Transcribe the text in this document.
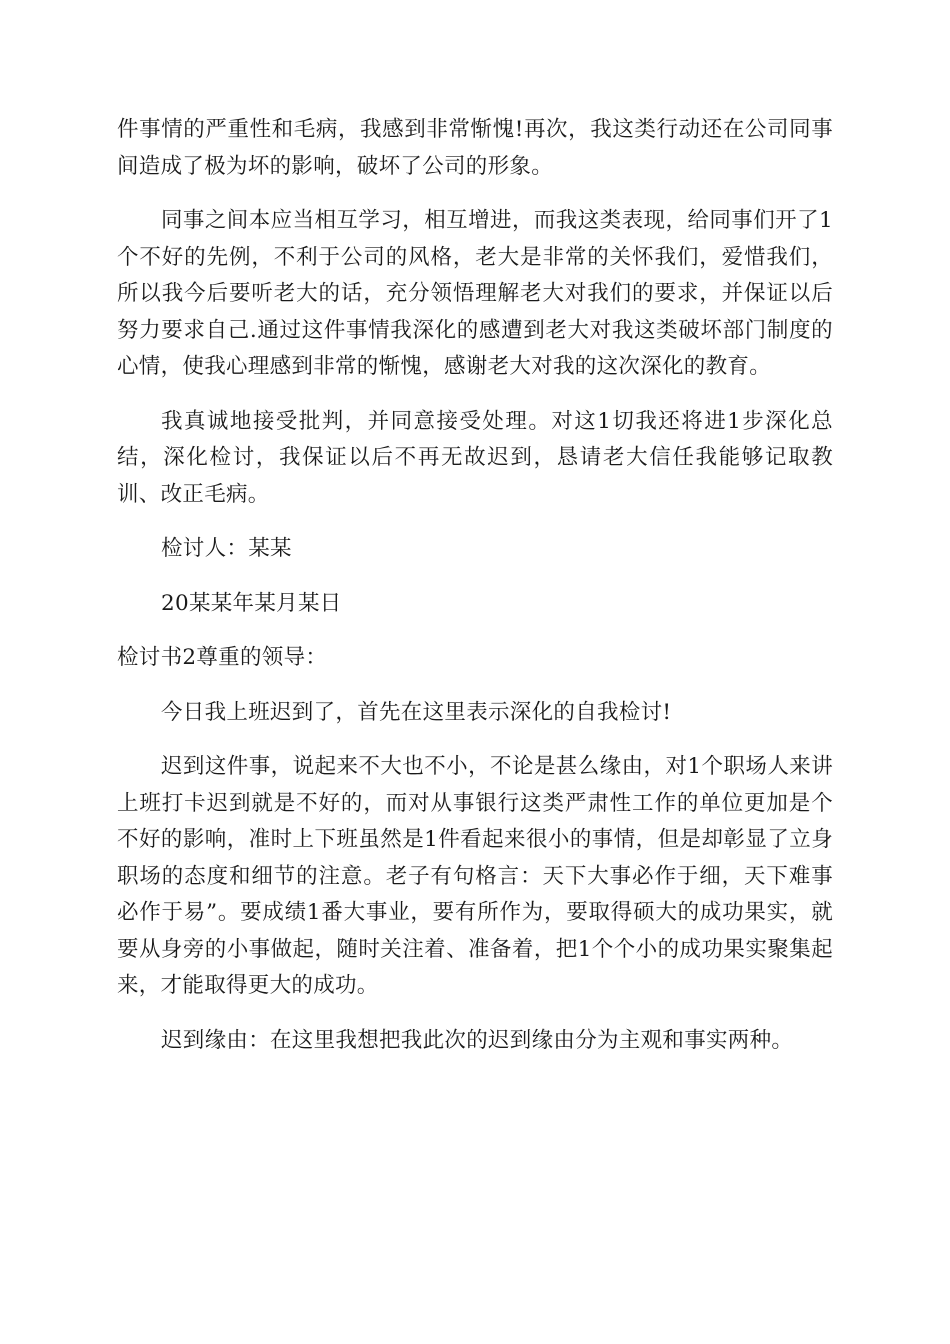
件事情的严重性和毛病，我感到非常惭愧!再次，我这类行动还在公司同事间造成了极为坏的影响，破坏了公司的形象。

同事之间本应当相互学习，相互增进，而我这类表现，给同事们开了1个不好的先例，不利于公司的风格，老大是非常的关怀我们，爱惜我们，所以我今后要听老大的话，充分领悟理解老大对我们的要求，并保证以后努力要求自己.通过这件事情我深化的感遭到老大对我这类破坏部门制度的心情，使我心理感到非常的惭愧，感谢老大对我的这次深化的教育。

我真诚地接受批判，并同意接受处理。对这1切我还将进1步深化总结，深化检讨，我保证以后不再无故迟到，恳请老大信任我能够记取教训、改正毛病。

检讨人：某某

20某某年某月某日

检讨书2尊重的领导：

今日我上班迟到了，首先在这里表示深化的自我检讨!

迟到这件事，说起来不大也不小，不论是甚么缘由，对1个职场人来讲上班打卡迟到就是不好的，而对从事银行这类严肃性工作的单位更加是个不好的影响，准时上下班虽然是1件看起来很小的事情，但是却彰显了立身职场的态度和细节的注意。老子有句格言：天下大事必作于细，天下难事必作于易”。要成绩1番大事业，要有所作为，要取得硕大的成功果实，就要从身旁的小事做起，随时关注着、准备着，把1个个小的成功果实聚集起来，才能取得更大的成功。

迟到缘由：在这里我想把我此次的迟到缘由分为主观和事实两种。
